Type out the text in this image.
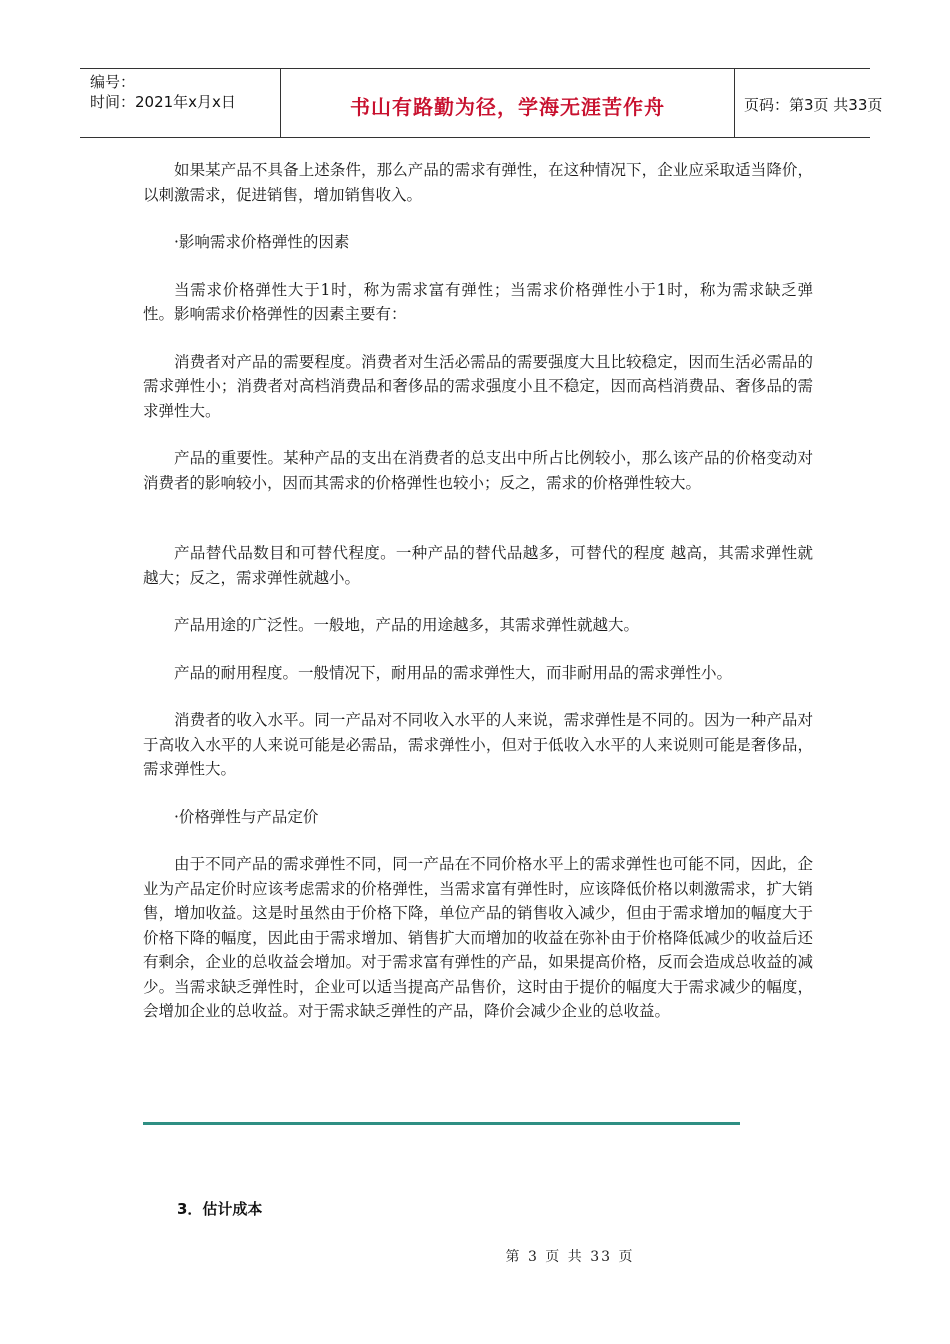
编号：
时间：2021年x月x日	书山有路勤为径，学海无涯苦作舟	页码：第3页 共33页

如果某产品不具备上述条件，那么产品的需求有弹性，在这种情况下，企业应采取适当降价，以刺激需求，促进销售，增加销售收入。

·影响需求价格弹性的因素

当需求价格弹性大于1时，称为需求富有弹性；当需求价格弹性小于1时，称为需求缺乏弹性。影响需求价格弹性的因素主要有：

消费者对产品的需要程度。消费者对生活必需品的需要强度大且比较稳定，因而生活必需品的需求弹性小；消费者对高档消费品和奢侈品的需求强度小且不稳定，因而高档消费品、奢侈品的需求弹性大。

产品的重要性。某种产品的支出在消费者的总支出中所占比例较小，那么该产品的价格变动对消费者的影响较小，因而其需求的价格弹性也较小；反之，需求的价格弹性较大。

产品替代品数目和可替代程度。一种产品的替代品越多，可替代的程度 越高，其需求弹性就越大；反之，需求弹性就越小。

产品用途的广泛性。一般地，产品的用途越多，其需求弹性就越大。

产品的耐用程度。一般情况下，耐用品的需求弹性大，而非耐用品的需求弹性小。

消费者的收入水平。同一产品对不同收入水平的人来说，需求弹性是不同的。因为一种产品对于高收入水平的人来说可能是必需品，需求弹性小，但对于低收入水平的人来说则可能是奢侈品，需求弹性大。

·价格弹性与产品定价

由于不同产品的需求弹性不同，同一产品在不同价格水平上的需求弹性也可能不同，因此，企业为产品定价时应该考虑需求的价格弹性，当需求富有弹性时，应该降低价格以刺激需求，扩大销售，增加收益。这是时虽然由于价格下降，单位产品的销售收入减少，但由于需求增加的幅度大于价格下降的幅度，因此由于需求增加、销售扩大而增加的收益在弥补由于价格降低减少的收益后还有剩余，企业的总收益会增加。对于需求富有弹性的产品，如果提高价格，反而会造成总收益的减少。当需求缺乏弹性时，企业可以适当提高产品售价，这时由于提价的幅度大于需求减少的幅度，会增加企业的总收益。对于需求缺乏弹性的产品，降价会减少企业的总收益。

3．估计成本
第 3 页 共 33 页
